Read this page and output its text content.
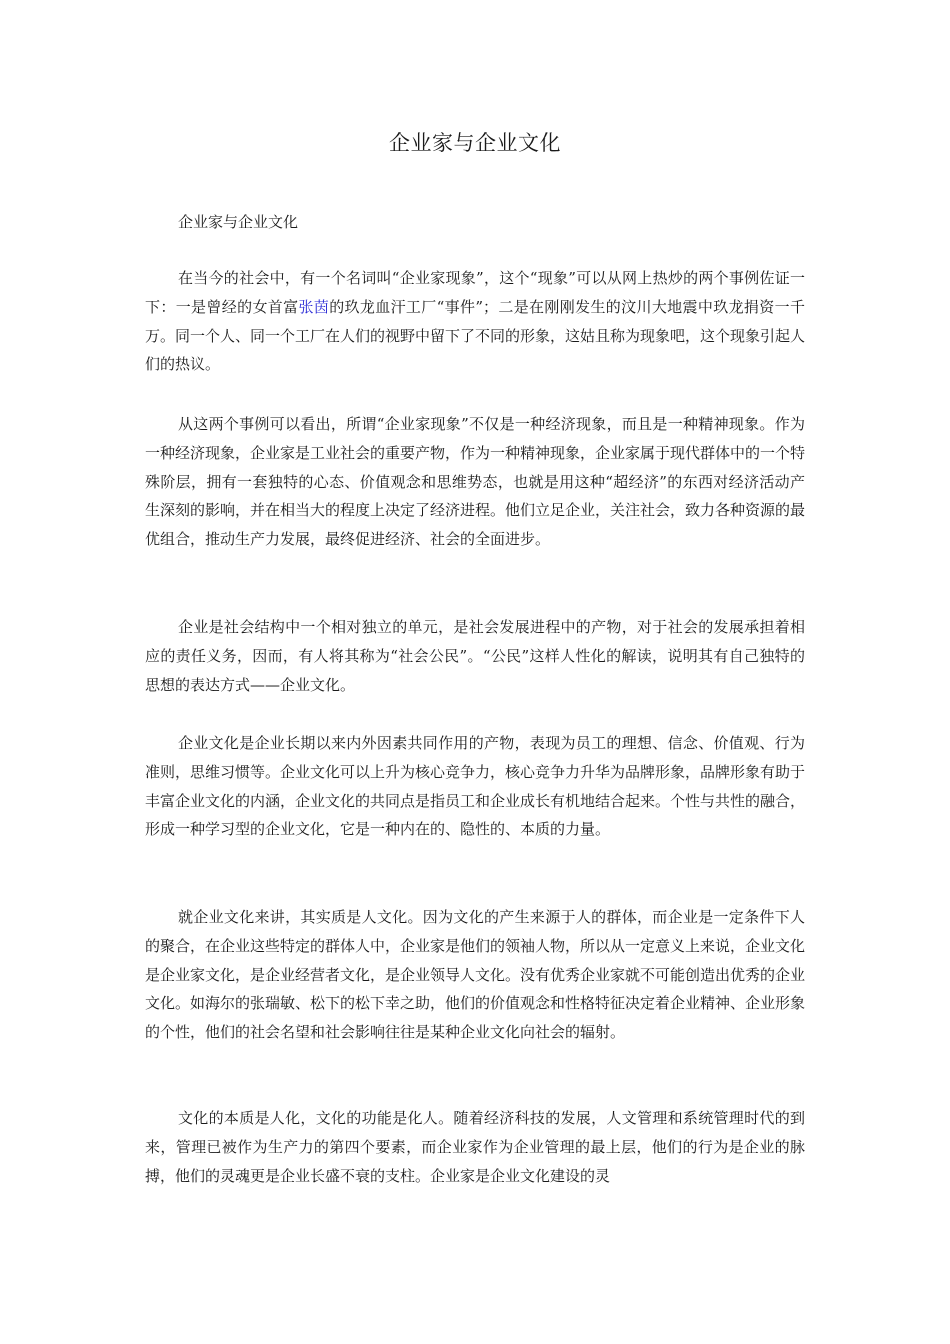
企业家与企业文化

企业家与企业文化

在当今的社会中，有一个名词叫“企业家现象”，这个“现象”可以从网上热炒的两个事例佐证一下：一是曾经的女首富张茵的玖龙血汗工厂“事件”；二是在刚刚发生的汶川大地震中玖龙捐资一千万。同一个人、同一个工厂在人们的视野中留下了不同的形象，这姑且称为现象吧，这个现象引起人们的热议。

从这两个事例可以看出，所谓“企业家现象”不仅是一种经济现象，而且是一种精神现象。作为一种经济现象，企业家是工业社会的重要产物，作为一种精神现象，企业家属于现代群体中的一个特殊阶层，拥有一套独特的心态、价值观念和思维势态，也就是用这种“超经济”的东西对经济活动产生深刻的影响，并在相当大的程度上决定了经济进程。他们立足企业，关注社会，致力各种资源的最优组合，推动生产力发展，最终促进经济、社会的全面进步。

企业是社会结构中一个相对独立的单元，是社会发展进程中的产物，对于社会的发展承担着相应的责任义务，因而，有人将其称为“社会公民”。“公民”这样人性化的解读，说明其有自己独特的思想的表达方式——企业文化。

企业文化是企业长期以来内外因素共同作用的产物，表现为员工的理想、信念、价值观、行为准则，思维习惯等。企业文化可以上升为核心竞争力，核心竞争力升华为品牌形象，品牌形象有助于丰富企业文化的内涵，企业文化的共同点是指员工和企业成长有机地结合起来。个性与共性的融合，形成一种学习型的企业文化，它是一种内在的、隐性的、本质的力量。

就企业文化来讲，其实质是人文化。因为文化的产生来源于人的群体，而企业是一定条件下人的聚合，在企业这些特定的群体人中，企业家是他们的领袖人物，所以从一定意义上来说，企业文化是企业家文化，是企业经营者文化，是企业领导人文化。没有优秀企业家就不可能创造出优秀的企业文化。如海尔的张瑞敏、松下的松下幸之助，他们的价值观念和性格特征决定着企业精神、企业形象的个性，他们的社会名望和社会影响往往是某种企业文化向社会的辐射。

文化的本质是人化，文化的功能是化人。随着经济科技的发展，人文管理和系统管理时代的到来，管理已被作为生产力的第四个要素，而企业家作为企业管理的最上层，他们的行为是企业的脉搏，他们的灵魂更是企业长盛不衰的支柱。企业家是企业文化建设的灵
